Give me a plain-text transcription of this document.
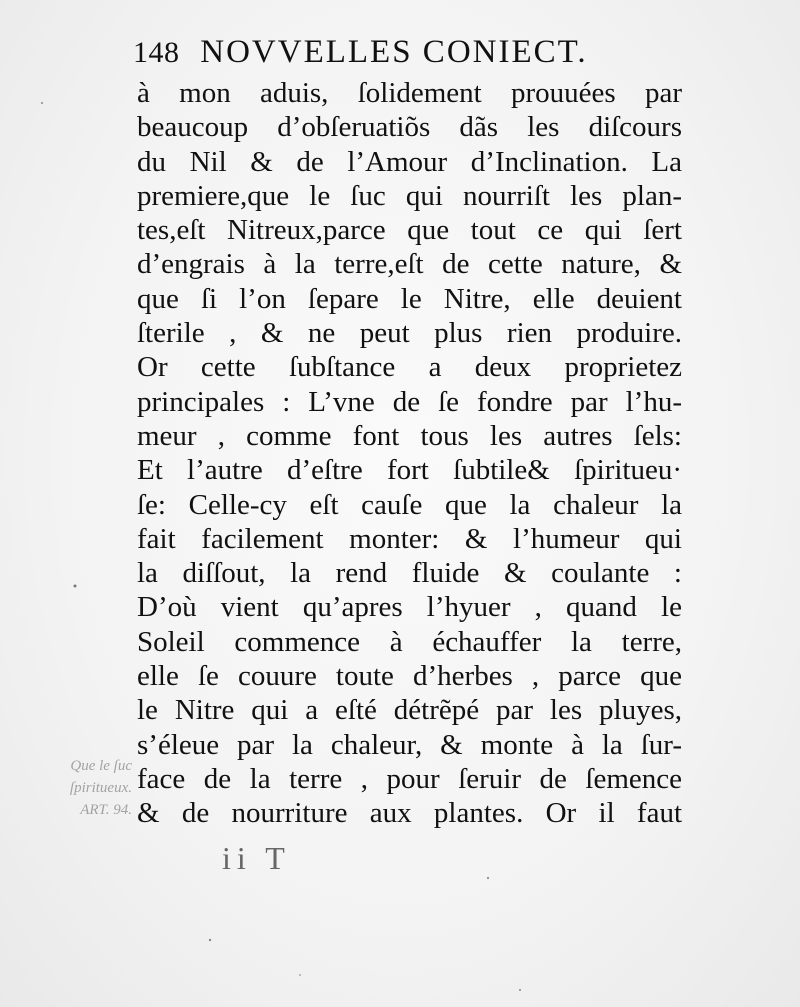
148 NOVVELLES CONIECT.
à mon aduis, ſolidement prouuées par
beaucoup d’obſeruatiõs dãs les diſcours
du Nil & de l’Amour d’Inclination. La
premiere,que le ſuc qui nourriſt les plan-
tes,eſt Nitreux,parce que tout ce qui ſert
d’engrais à la terre,eſt de cette nature, &
que ſi l’on ſepare le Nitre, elle deuient
ſterile , & ne peut plus rien produire.
Or cette ſubſtance a deux proprietez
principales : L’vne de ſe fondre par l’hu-
meur , comme font tous les autres ſels:
Et l’autre d’eſtre fort ſubtile& ſpiritueu·
ſe: Celle-cy eſt cauſe que la chaleur la
fait facilement monter: & l’humeur qui
la diſſout, la rend fluide & coulante :
D’où vient qu’apres l’hyuer , quand le
Soleil commence à échauffer la terre,
elle ſe couure toute d’herbes , parce que
le Nitre qui a eſté détrẽpé par les pluyes,
s’éleue par la chaleur, & monte à la ſur-
face de la terre , pour ſeruir de ſemence
& de nourriture aux plantes. Or il faut
Que le ſuc
ſpiritueux.
ART. 94.
ii T
